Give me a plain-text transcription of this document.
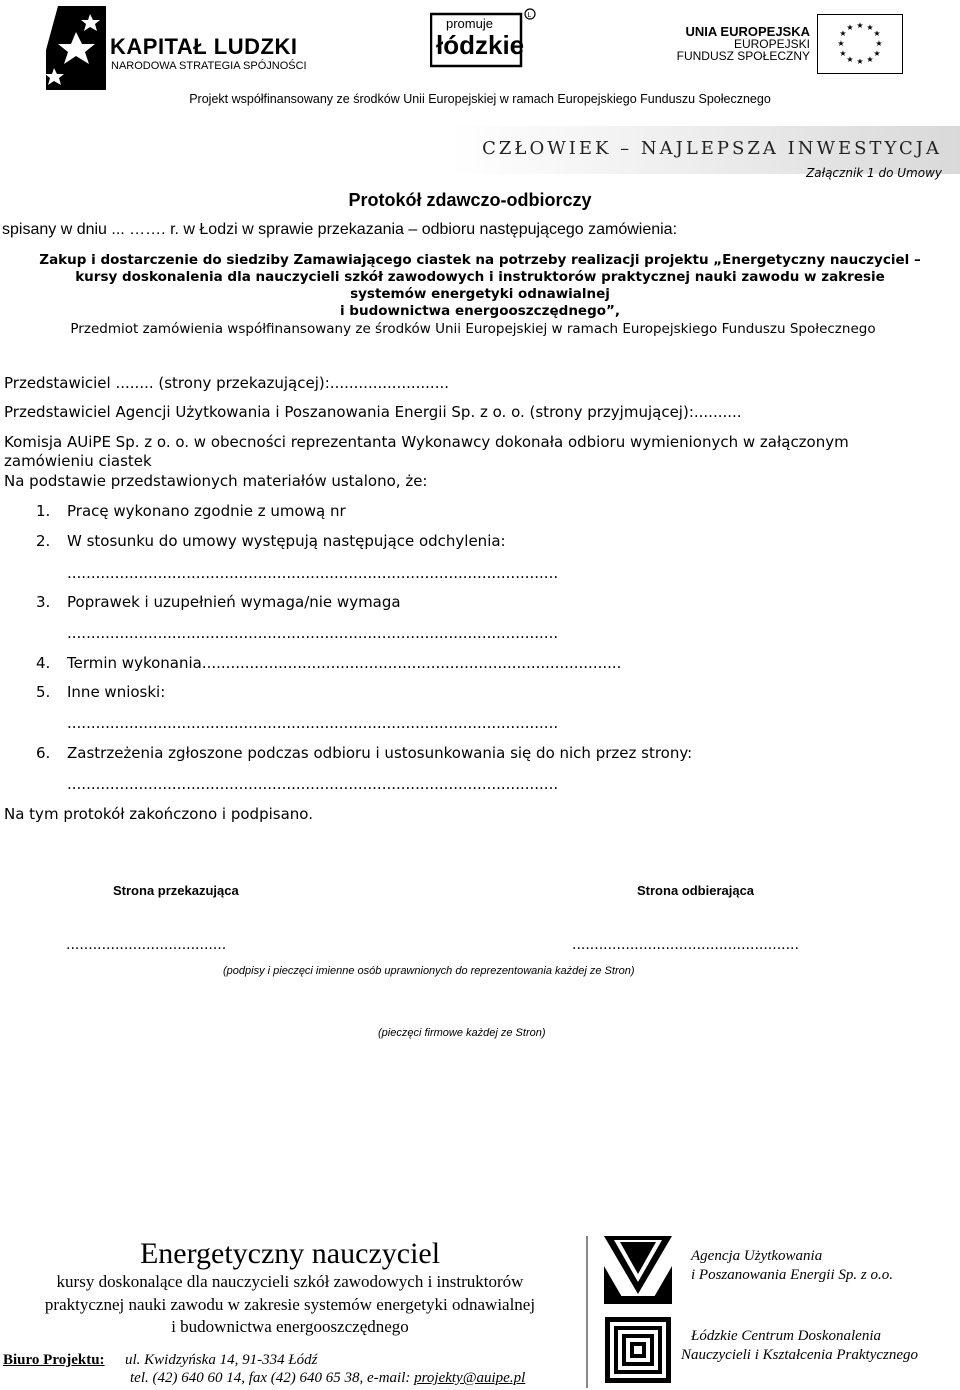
KAPITAŁ LUDZKI
NARODOWA STRATEGIA SPÓJNOŚCI
L
promuje
łódzkie	UNIA EUROPEJSKA
EUROPEJSKI
FUNDUSZ SPOŁECZNY
★ ★
★
★
★
★
★
★
★
★
★
★
Projekt współfinansowany ze środków Unii Europejskiej w ramach Europejskiego Funduszu Społecznego
CZŁOWIEK – NAJLEPSZA INWESTYCJA
Załącznik 1 do Umowy
Protokół zdawczo-odbiorczy
spisany w dniu ... ……. r. w Łodzi w sprawie przekazania – odbioru następującego zamówienia:
Zakup i dostarczenie do siedziby Zamawiającego ciastek na potrzeby realizacji projektu „Energetyczny nauczyciel –
kursy doskonalenia dla nauczycieli szkół zawodowych i instruktorów praktycznej nauki zawodu w zakresie
systemów energetyki odnawialnej
i budownictwa energooszczędnego”,
Przedmiot zamówienia współfinansowany ze środków Unii Europejskiej w ramach Europejskiego Funduszu Społecznego
Przedstawiciel ........ (strony przekazującej):.........................
Przedstawiciel Agencji Użytkowania i Poszanowania Energii Sp. z o. o. (strony przyjmującej):..........
Komisja AUiPE Sp. z o. o. w obecności reprezentanta Wykonawcy dokonała odbioru wymienionych w załączonym
zamówieniu ciastek
Na podstawie przedstawionych materiałów ustalono, że:
1. Pracę wykonano zgodnie z umową nr
2. W stosunku do umowy występują następujące odchylenia:
.......................................................................................................
3. Poprawek i uzupełnień wymaga/nie wymaga
.......................................................................................................
4. Termin wykonania........................................................................................
5. Inne wnioski:
.......................................................................................................
6. Zastrzeżenia zgłoszone podczas odbioru i ustosunkowania się do nich przez strony:
.......................................................................................................
Na tym protokół zakończono i podpisano.
Strona przekazująca	Strona odbierająca
....................................	...................................................
(podpisy i pieczęci imienne osób uprawnionych do reprezentowania każdej ze Stron)
(pieczęci firmowe każdej ze Stron)
Energetyczny nauczyciel
kursy doskonalące dla nauczycieli szkół zawodowych i instruktorów
praktycznej nauki zawodu w zakresie systemów energetyki odnawialnej
i budownictwa energooszczędnego
Agencja Użytkowania
i Poszanowania Energii Sp. z o.o.
Łódzkie Centrum Doskonalenia
Nauczycieli i Kształcenia Praktycznego
Biuro Projektu: ul. Kwidzyńska 14, 91-334 Łódź
tel. (42) 640 60 14, fax (42) 640 65 38, e-mail: projekty@auipe.pl
